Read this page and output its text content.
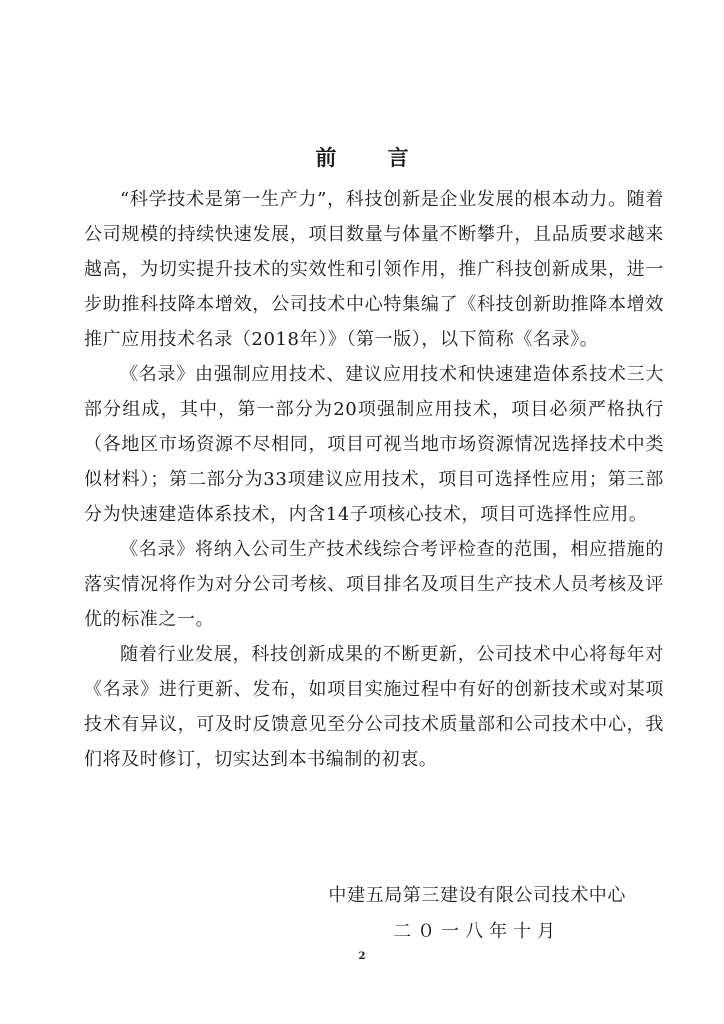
前 言

“科学技术是第一生产力”，科技创新是企业发展的根本动力。随着公司规模的持续快速发展，项目数量与体量不断攀升，且品质要求越来越高，为切实提升技术的实效性和引领作用，推广科技创新成果，进一步助推科技降本增效，公司技术中心特集编了《科技创新助推降本增效推广应用技术名录（2018年）》（第一版），以下简称《名录》。

《名录》由强制应用技术、建议应用技术和快速建造体系技术三大部分组成，其中，第一部分为20项强制应用技术，项目必须严格执行（各地区市场资源不尽相同，项目可视当地市场资源情况选择技术中类似材料）；第二部分为33项建议应用技术，项目可选择性应用；第三部分为快速建造体系技术，内含14子项核心技术，项目可选择性应用。

《名录》将纳入公司生产技术线综合考评检查的范围，相应措施的落实情况将作为对分公司考核、项目排名及项目生产技术人员考核及评优的标准之一。

随着行业发展，科技创新成果的不断更新，公司技术中心将每年对《名录》进行更新、发布，如项目实施过程中有好的创新技术或对某项技术有异议，可及时反馈意见至分公司技术质量部和公司技术中心，我们将及时修订，切实达到本书编制的初衷。

中建五局第三建设有限公司技术中心
二０一八年十月
2
